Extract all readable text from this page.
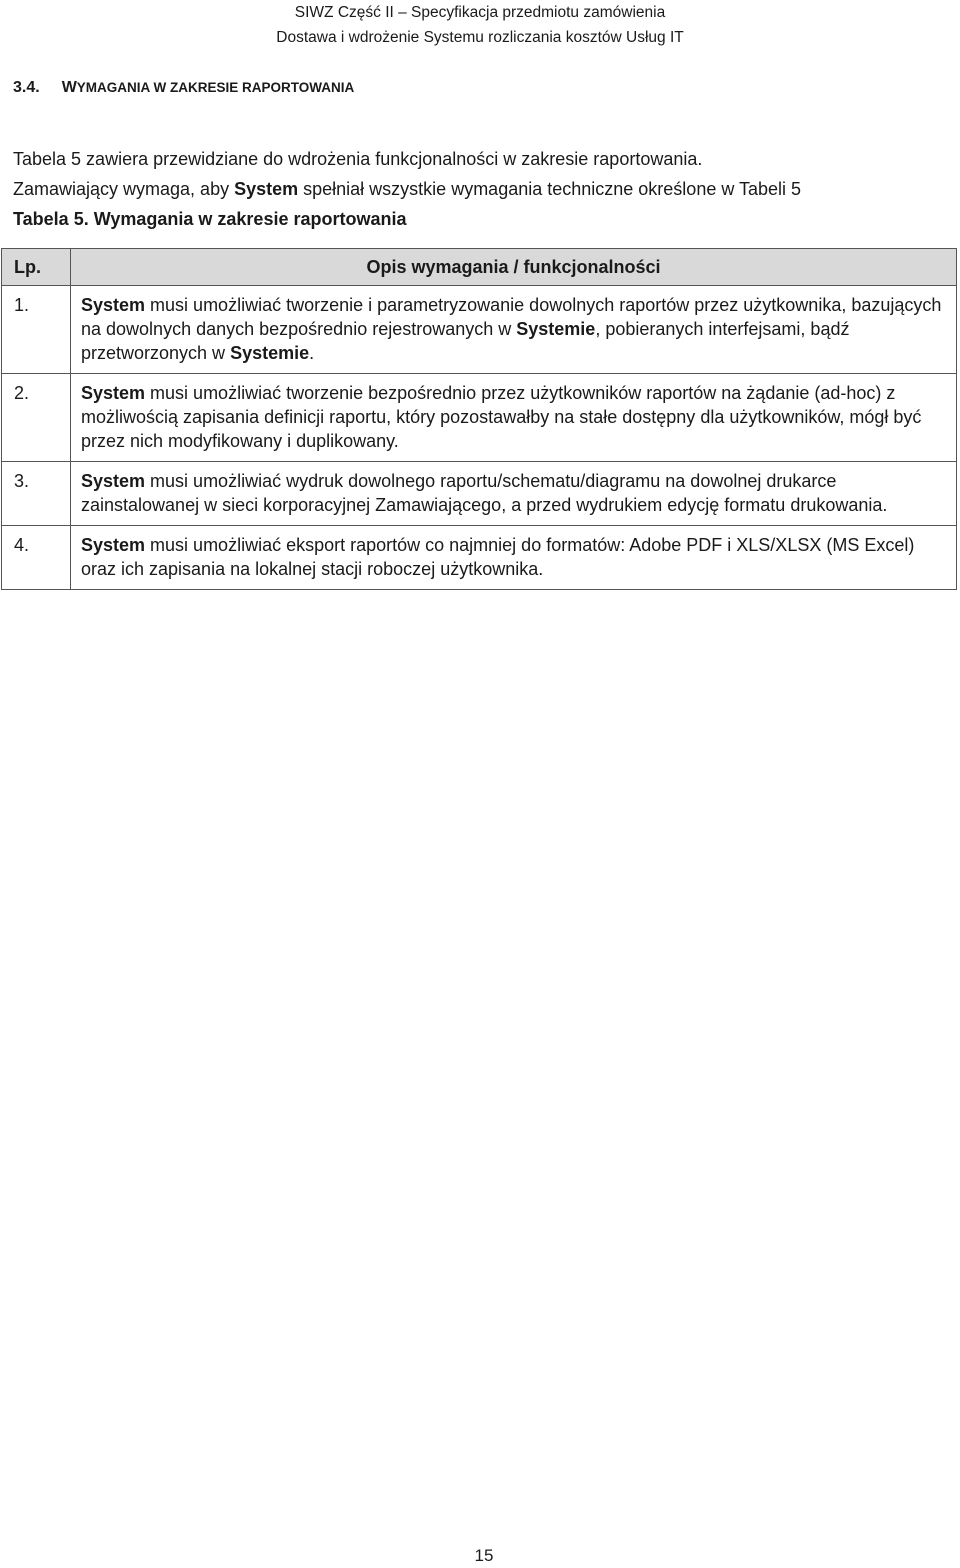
SIWZ Część II – Specyfikacja przedmiotu zamówienia
Dostawa i wdrożenie Systemu rozliczania kosztów Usług IT
3.4. WYMAGANIA W ZAKRESIE RAPORTOWANIA
Tabela 5 zawiera przewidziane do wdrożenia funkcjonalności w zakresie raportowania.
Zamawiający wymaga, aby System spełniał wszystkie wymagania techniczne określone w Tabeli 5
Tabela 5. Wymagania w zakresie raportowania
Lp.	Opis wymagania / funkcjonalności
1.	System musi umożliwiać tworzenie i parametryzowanie dowolnych raportów przez użytkownika, bazujących na dowolnych danych bezpośrednio rejestrowanych w Systemie, pobieranych interfejsami, bądź przetworzonych w Systemie.
2.	System musi umożliwiać tworzenie bezpośrednio przez użytkowników raportów na żądanie (ad-hoc) z możliwością zapisania definicji raportu, który pozostawałby na stałe dostępny dla użytkowników, mógł być przez nich modyfikowany i duplikowany.
3.	System musi umożliwiać wydruk dowolnego raportu/schematu/diagramu na dowolnej drukarce zainstalowanej w sieci korporacyjnej Zamawiającego, a przed wydrukiem edycję formatu drukowania.
4.	System musi umożliwiać eksport raportów co najmniej do formatów: Adobe PDF i XLS/XLSX (MS Excel) oraz ich zapisania na lokalnej stacji roboczej użytkownika.
15
